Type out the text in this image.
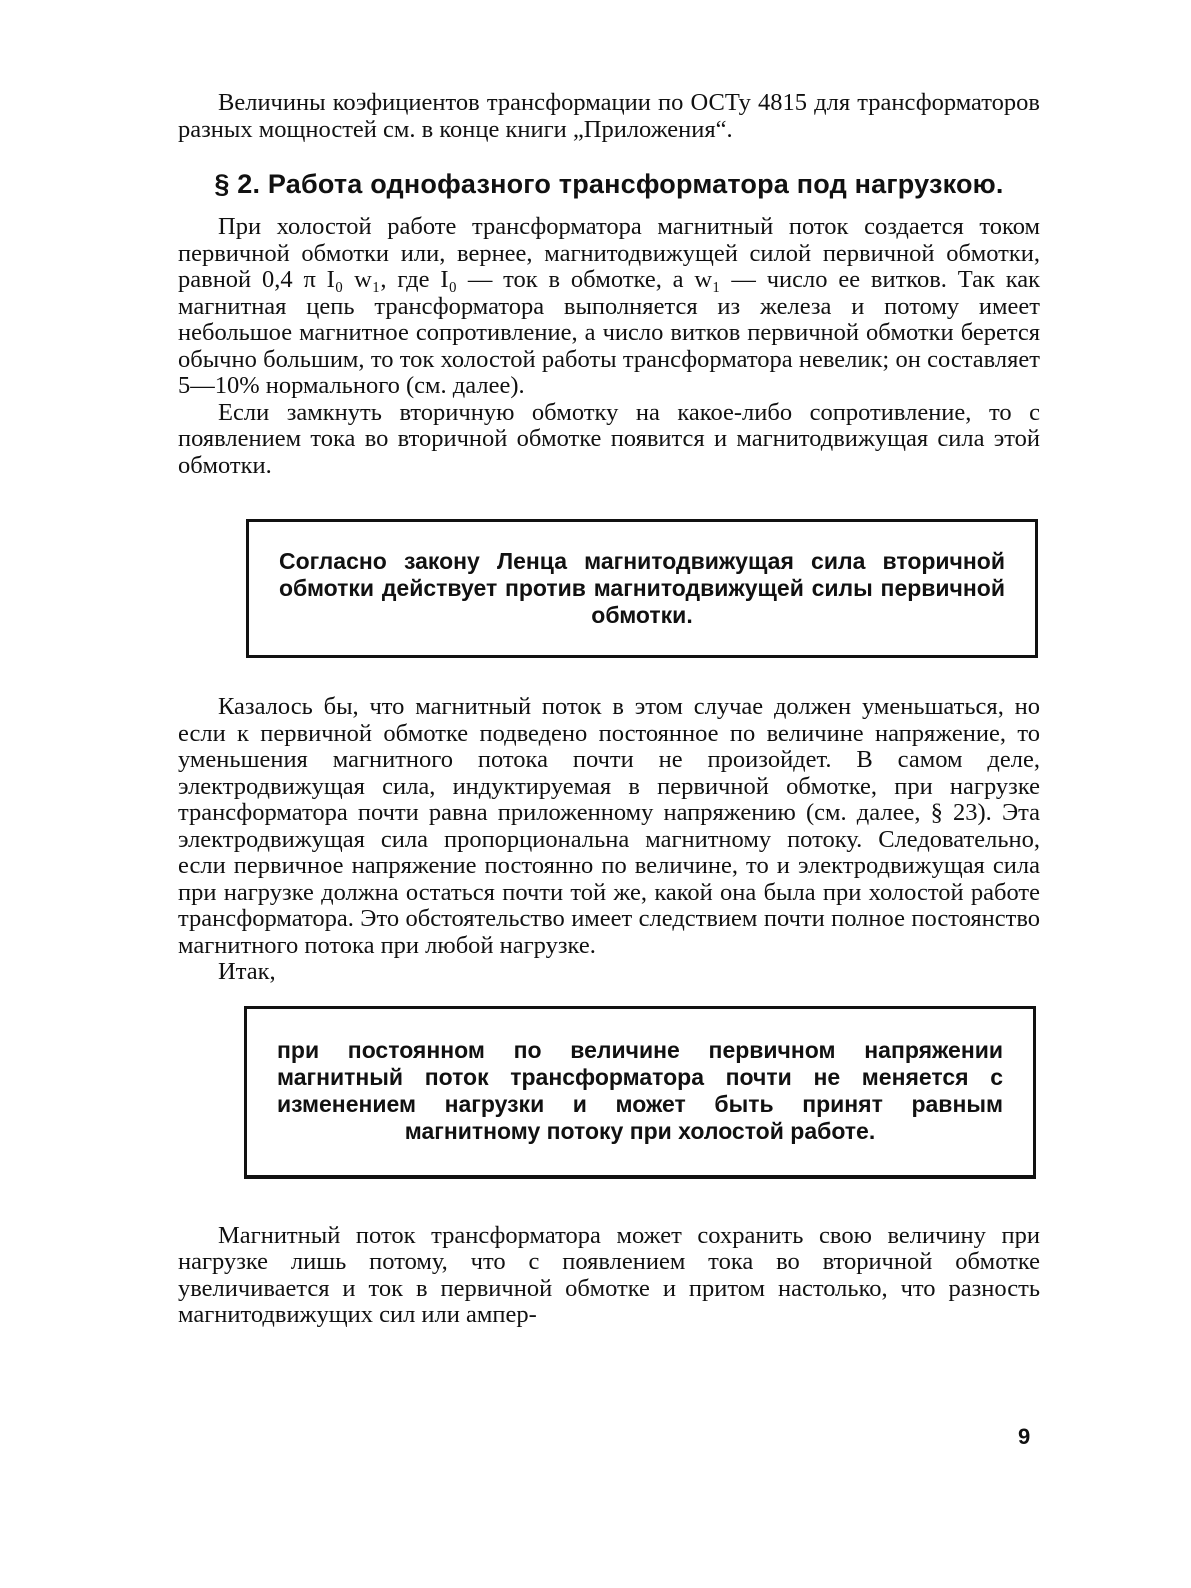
Величины коэфициентов трансформации по ОСТу 4815 для трансформаторов разных мощностей см. в конце книги „Приложения“.

§ 2. Работа однофазного трансформатора под нагрузкою.

При холостой работе трансформатора магнитный поток создается током первичной обмотки или, вернее, магнитодвижущей силой первичной обмотки, равной 0,4 π I₀ w₁, где I₀ — ток в обмотке, а w₁ — число ее витков. Так как магнитная цепь трансформатора выполняется из железа и потому имеет небольшое магнитное сопротивление, а число витков первичной обмотки берется обычно большим, то ток холостой работы трансформатора невелик; он составляет 5—10% нормального (см. далее).

Если замкнуть вторичную обмотку на какое-либо сопротивление, то с появлением тока во вторичной обмотке появится и магнитодвижущая сила этой обмотки.

Согласно закону Ленца магнитодвижущая сила вторичной обмотки действует против магнитодвижущей силы первичной обмотки.

Казалось бы, что магнитный поток в этом случае должен уменьшаться, но если к первичной обмотке подведено постоянное по величине напряжение, то уменьшения магнитного потока почти не произойдет. В самом деле, электродвижущая сила, индуктируемая в первичной обмотке, при нагрузке трансформатора почти равна приложенному напряжению (см. далее, § 23). Эта электродвижущая сила пропорциональна магнитному потоку. Следовательно, если первичное напряжение постоянно по величине, то и электродвижущая сила при нагрузке должна остаться почти той же, какой она была при холостой работе трансформатора. Это обстоятельство имеет следствием почти полное постоянство магнитного потока при любой нагрузке.

Итак,

при постоянном по величине первичном напряжении магнитный поток трансформатора почти не меняется с изменением нагрузки и может быть принят равным магнитному потоку при холостой работе.

Магнитный поток трансформатора может сохранить свою величину при нагрузке лишь потому, что с появлением тока во вторичной обмотке увеличивается и ток в первичной обмотке и притом настолько, что разность магнитодвижущих сил или ампер-

9
